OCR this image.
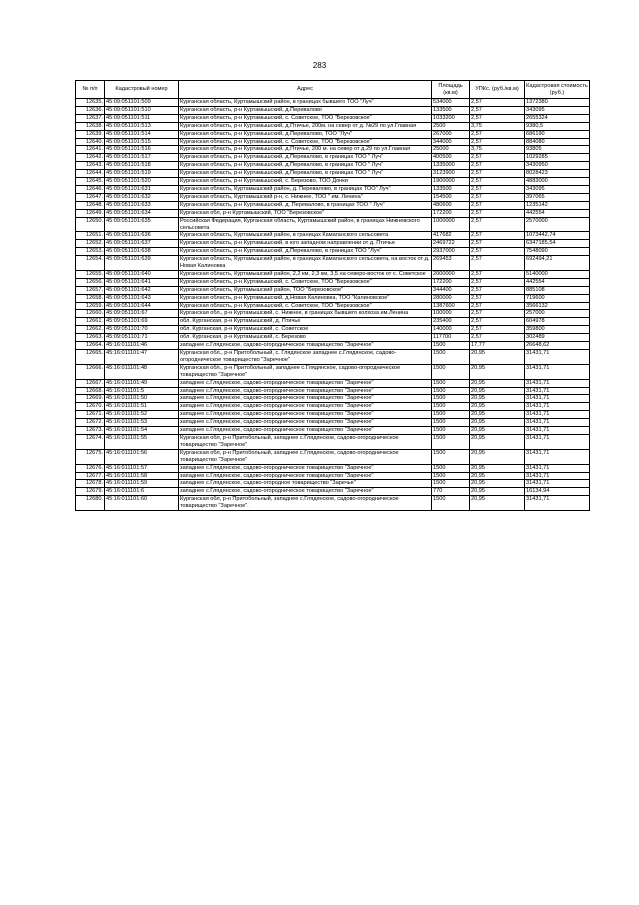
283
№ п/п	Кадастровый номер	Адрес	Площадь (кв.м)	УПКс. (руб./кв.м)	Кадастровая стоимость (руб.)
12635.	45:09:051101:509	Курганская область, Куртамышский район, в границах бывшего ТОО "Луч"	534000	2,57	1372380
12636.	45:09:051101:510	Курганская область, р-н Куртамышский, д.Перевалово	133500	2,57	343095
12637.	45:09:051101:511	Курганская область, р-н Куртамышский, с. Советское, ТОО "Березовское"	1033200	2,57	2655324
12638.	45:09:051101:513	Курганская область, р-н Куртамышский, д.Птичье, 200м. на север от д. №29 по ул.Главная	2500	3,75	9380,5
12639.	45:09:051101:514	Курганская область, р-н Куртамышский, д.Перевалово, ТОО "Луч"	267000	2,57	686190
12640.	45:09:051101:515	Курганская область, р-н Куртамышский, с. Советское, ТОО "Березовское"	344000	2,57	884080
12641.	45:09:051101:516	Курганская область, р-н Куртамышский, д.Птичье, 200 м. на север от д.29 по ул.Главная	25000	3,75	93805
12642.	45:09:051101:517	Курганская область, р-н Куртамышский, д.Перевалово, в границах ТОО " Луч"	400500	2,57	1029285
12643.	45:09:051101:518	Курганская область, р-н Куртамышский, д.Перевалово, в границах ТОО " Луч"	1335000	2,57	3430950
12644.	45:09:051101:519	Курганская область, р-н Куртамышский, д.Перевалово, в границах ТОО " Луч"	3123900	2,57	8028423
12645.	45:09:051101:520	Курганская область, р-н Куртамышский, с. Березово, ТОО Донки	1900000	2,57	4883000
12646.	45:09:051101:631	Курганская область, Куртамышский район, д. Перевалово, в границах ТОО" Луч"	133500	2,57	343095
12647.	45:09:051101:632	Курганская область, Куртамышский р-н, с. Нижнее, ТОО " им. Ленина"	154500	2,57	397065
12648.	45:09:051101:633	Курганская область, р-н Куртамышский, д. Перевалово, в границах ТОО " Луч"	480600	2,57	1235142
12649.	45:09:051101:634	Курганская обл, р-н Куртамышский, ТОО "Березовское"	172200	2,57	442554
12650.	45:09:051101:635	Российская Федерация, Курганская область, Куртамышский район, в границах Нижневского сельсовета	1000000	2,57	2570000
12651.	45:09:051101:636	Курганская область, Куртамышский район, в границах Камаганского сельсовета	417682	2,57	1073442,74
12652.	45:09:051101:637	Курганская область, р-н Куртамышский, в юго западном направлении от д. Птичье	2469722	2,57	6347185,54
12653.	45:09:051101:638	Курганская область, р-н Куртамышский, д.Перевалово, в границах ТОО "Луч"	2937000	2,57	7548090
12654.	45:09:051101:639	Курганская область, Куртамышский район, в границах Камаганского сельсовета, на восток от д. Новая Калиновка	269453	2,57	692494,21
12655.	45:09:051101:640	Курганская область, Куртамышский район, 2,2 км, 2,3 км, 3,5 на северо-восток от с. Советское	2000000	2,57	5140000
12656.	45:09:051101:641	Курганская область, р-н Куртамышский, с. Советское, ТОО "Березовское"	172200	2,57	442554
12657.	45:09:051101:642	Курганская область, Куртамышский район, ТОО "Березовское"	344400	2,57	885108
12658.	45:09:051101:643	Курганская область, р-н Куртамышский, д.Новая Калиновка, ТОО "Калиновское"	280000	2,57	719600
12659.	45:09:051101:644	Курганская область, р-н Куртамышский, с. Советское, ТОО "Березовское"	1387600	2,57	3566132
12660.	45:09:051101:67	Курганская обл., р-н Куртамышский, с. Нижнее, в границах бывшего колхоза им.Ленина	100000	2,57	257000
12661.	45:09:051101:69	обл. Курганская, р-н Куртамышский, д. Птичье	235400	2,57	604978
12662.	45:09:051101:70	обл. Курганская, р-н Куртамышский, с. Советское	140000	2,57	359800
12663.	45:09:051101:71	обл. Курганская, р-н Куртамышский, с. Березово	117700	2,57	302489
12664.	45:16:011101:46	западнее с.Глядянское, садово-огородническое товарищество "Заречное"	1500	17,77	26648,62
12665.	45:16:011101:47	Курганская обл., р-н Притобольный, с. Глядянское западнее с.Глядянское, садово-огородническое товарищество "Заречное"	1500	20,95	31431,71
12666.	45:16:011101:48	Курганская обл., р-н Притобольный, западнее с.Глядянское, садово-огородническое товарищество "Заречное"	1500	20,95	31431,71
12667.	45:16:011101:49	западнее с.Глядянское, садово-огородническое товарищество "Заречное"	1500	20,95	31431,71
12668.	45:16:011101:5	западнее с.Глядянское, садово-огородническое товарищество "Заречное"	1500	20,95	31431,71
12669.	45:16:011101:50	западнее с.Глядянское, садово-огородническое товарищество "Заречное"	1500	20,95	31431,71
12670.	45:16:011101:51	западнее с.Глядянское, садово-огородническое товарищество "Заречное"	1500	20,95	31431,71
12671.	45:16:011101:52	западнее с.Глядянское, садово-огородническое товарищество "Заречное"	1500	20,95	31431,71
12672.	45:16:011101:53	западнее с.Глядянское, садово-огородническое товарищество "Заречное"	1500	20,95	31431,71
12673.	45:16:011101:54	западнее с.Глядянское, садово-огородническое товарищество "Заречное"	1500	20,95	31431,71
12674.	45:16:011101:55	Курганская обл, р-н Притобольный, западнее с.Глядянское, садово-огородническое товарищество "Заречное"	1500	20,95	31431,71
12675.	45:16:011101:56	Курганская обл, р-н Притобольный, западнее с.Глядянское, садово-огородническое товарищество "Заречное"	1500	20,95	31431,71
12676.	45:16:011101:57	западнее с.Глядянское, садово-огородническое товарищество "Заречное"	1500	20,95	31431,71
12677.	45:16:011101:58	западнее с.Глядянское, садово-огородническое товарищество "Заречное"	1500	20,95	31431,71
12678.	45:16:011101:59	западнее с.Глядянское, садово-огородное товарищество "Заречье"	1500	20,95	31431,71
12679.	45:16:011101:6	западнее с.Глядянское, садово-огородническое товарищество "Заречное"	770	20,95	16134,94
12680.	45:16:011101:60	Курганская обл, р-н Притобольный, западнее с.Глядянское, садово-огородническое товарищество "Заречное".	1500	20,95	31431,71
